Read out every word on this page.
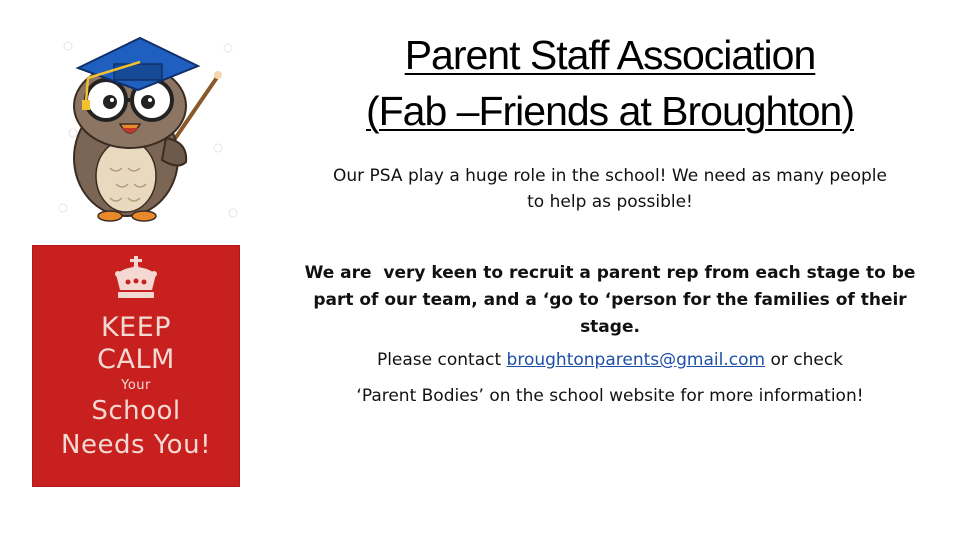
KEEP
CALM
Your
School
Needs You!
Parent Staff Association
(Fab –Friends at Broughton)
Our PSA play a huge role in the school! We need as many people
to help as possible!
We are  very keen to recruit a parent rep from each stage to be
part of our team, and a ‘go to ‘person for the families of their
stage.
Please contact broughtonparents@gmail.com or check
‘Parent Bodies’ on the school website for more information!
